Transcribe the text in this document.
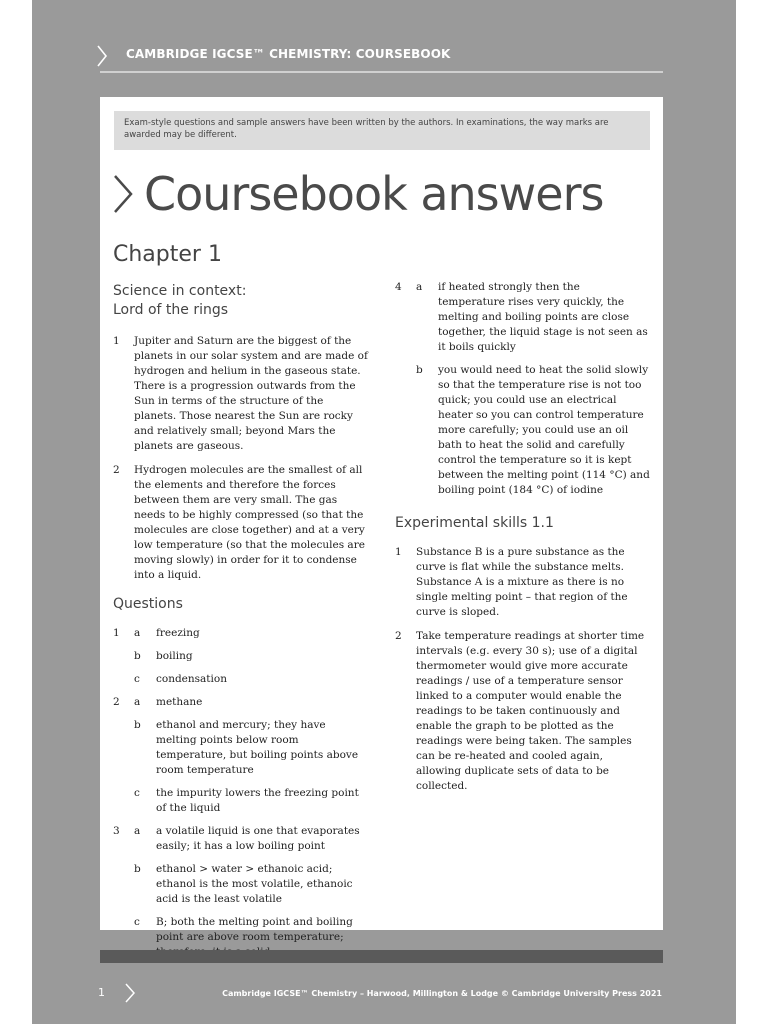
CAMBRIDGE IGCSE™ CHEMISTRY: COURSEBOOK
Exam-style questions and sample answers have been written by the authors. In examinations, the way marks are awarded may be different.
Coursebook answers
Chapter 1
Science in context:
Lord of the rings
1 Jupiter and Saturn are the biggest of the planets in our solar system and are made of hydrogen and helium in the gaseous state. There is a progression outwards from the Sun in terms of the structure of the planets. Those nearest the Sun are rocky and relatively small; beyond Mars the planets are gaseous.
2 Hydrogen molecules are the smallest of all the elements and therefore the forces between them are very small. The gas needs to be highly compressed (so that the molecules are close together) and at a very low temperature (so that the molecules are moving slowly) in order for it to condense into a liquid.
Questions
1 a freezing
b boiling
c condensation
2 a methane
b ethanol and mercury; they have melting points below room temperature, but boiling points above room temperature
c the impurity lowers the freezing point of the liquid
3 a a volatile liquid is one that evaporates easily; it has a low boiling point
b ethanol > water > ethanoic acid; ethanol is the most volatile, ethanoic acid is the least volatile
c B; both the melting point and boiling point are above room temperature;
4 a if heated strongly then the temperature rises very quickly, the melting and boiling points are close together, the liquid stage is not seen as it boils quickly
b you would need to heat the solid slowly so that the temperature rise is not too quick; you could use an electrical heater so you can control temperature more carefully; you could use an oil bath to heat the solid and carefully control the temperature so it is kept between the melting point (114 °C) and boiling point (184 °C) of iodine
Experimental skills 1.1
1 Substance B is a pure substance as the curve is flat while the substance melts. Substance A is a mixture as there is no single melting point – that region of the curve is sloped.
2 Take temperature readings at shorter time intervals (e.g. every 30 s); use of a digital thermometer would give more accurate readings / use of a temperature sensor linked to a computer would enable the readings to be taken continuously and enable the graph to be plotted as the readings were being taken. The samples can be re-heated and cooled again, allowing duplicate sets of data to be collected.
1	Cambridge IGCSE™ Chemistry – Harwood, Millington & Lodge © Cambridge University Press 2021
